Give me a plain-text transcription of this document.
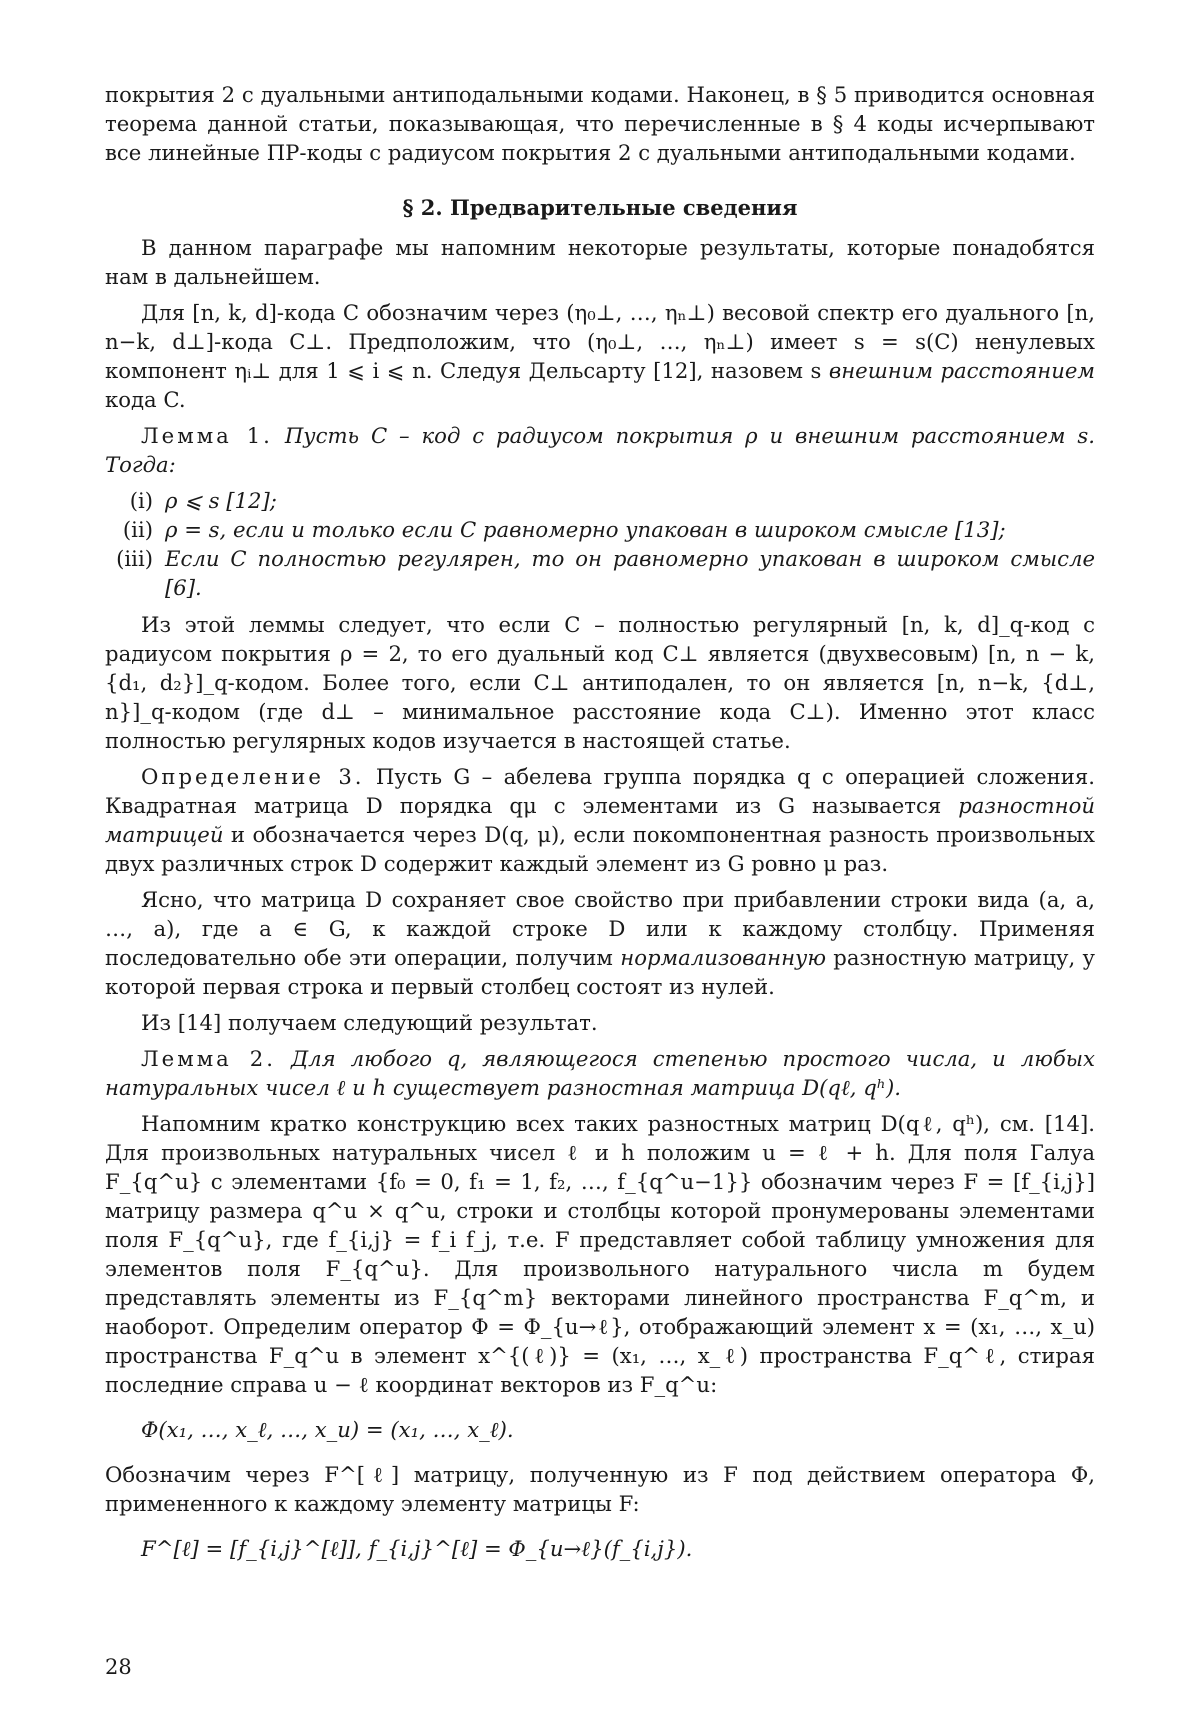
покрытия 2 с дуальными антиподальными кодами. Наконец, в § 5 приводится основная теорема данной статьи, показывающая, что перечисленные в § 4 коды исчерпывают все линейные ПР-коды с радиусом покрытия 2 с дуальными антиподальными кодами.

§ 2. Предварительные сведения

В данном параграфе мы напомним некоторые результаты, которые понадобятся нам в дальнейшем.

Для [n, k, d]-кода C обозначим через (η₀⊥, …, ηₙ⊥) весовой спектр его дуального [n, n−k, d⊥]-кода C⊥. Предположим, что (η₀⊥, …, ηₙ⊥) имеет s = s(C) ненулевых компонент ηᵢ⊥ для 1 ⩽ i ⩽ n. Следуя Дельсарту [12], назовем s внешним расстоянием кода C.

Лемма 1. Пусть C – код с радиусом покрытия ρ и внешним расстоянием s. Тогда:

(i) ρ ⩽ s [12];
(ii) ρ = s, если и только если C равномерно упакован в широком смысле [13];
(iii) Если C полностью регулярен, то он равномерно упакован в широком смысле [6].

Из этой леммы следует, что если C – полностью регулярный [n, k, d]_q-код с радиусом покрытия ρ = 2, то его дуальный код C⊥ является (двухвесовым) [n, n − k, {d₁, d₂}]_q-кодом. Более того, если C⊥ антиподален, то он является [n, n−k, {d⊥, n}]_q-кодом (где d⊥ – минимальное расстояние кода C⊥). Именно этот класс полностью регулярных кодов изучается в настоящей статье.

Определение 3. Пусть G – абелева группа порядка q с операцией сложения. Квадратная матрица D порядка qμ с элементами из G называется разностной матрицей и обозначается через D(q, μ), если покомпонентная разность произвольных двух различных строк D содержит каждый элемент из G ровно μ раз.

Ясно, что матрица D сохраняет свое свойство при прибавлении строки вида (a, a, …, a), где a ∈ G, к каждой строке D или к каждому столбцу. Применяя последовательно обе эти операции, получим нормализованную разностную матрицу, у которой первая строка и первый столбец состоят из нулей.

Из [14] получаем следующий результат.

Лемма 2. Для любого q, являющегося степенью простого числа, и любых натуральных чисел ℓ и h существует разностная матрица D(qℓ, qʰ).

Напомним кратко конструкцию всех таких разностных матриц D(qℓ, qʰ), см. [14]. Для произвольных натуральных чисел ℓ и h положим u = ℓ + h. Для поля Галуа F_{q^u} с элементами {f₀ = 0, f₁ = 1, f₂, …, f_{q^u−1}} обозначим через F = [f_{i,j}] матрицу размера q^u × q^u, строки и столбцы которой пронумерованы элементами поля F_{q^u}, где f_{i,j} = f_i f_j, т.е. F представляет собой таблицу умножения для элементов поля F_{q^u}. Для произвольного натурального числа m будем представлять элементы из F_{q^m} векторами линейного пространства F_q^m, и наоборот. Определим оператор Φ = Φ_{u→ℓ}, отображающий элемент x = (x₁, …, x_u) пространства F_q^u в элемент x^{(ℓ)} = (x₁, …, x_ℓ) пространства F_q^ℓ, стирая последние справа u − ℓ координат векторов из F_q^u:

Φ(x₁, …, x_ℓ, …, x_u) = (x₁, …, x_ℓ).

Обозначим через F^[ℓ] матрицу, полученную из F под действием оператора Φ, примененного к каждому элементу матрицы F:

F^[ℓ] = [f_{i,j}^[ℓ]], f_{i,j}^[ℓ] = Φ_{u→ℓ}(f_{i,j}).
28
